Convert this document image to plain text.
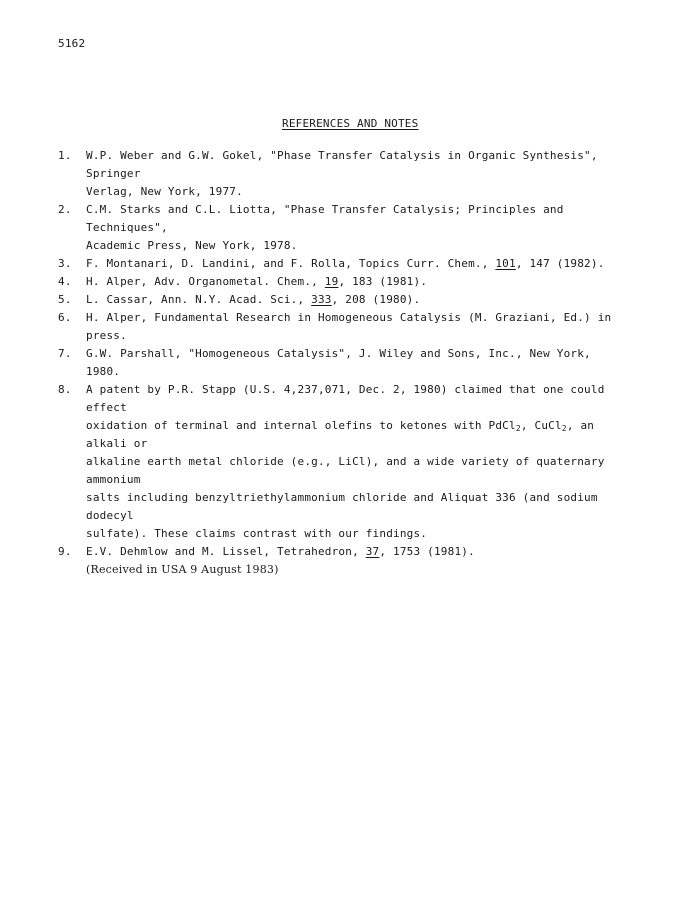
5162
REFERENCES AND NOTES
1.	W.P. Weber and G.W. Gokel, "Phase Transfer Catalysis in Organic Synthesis", Springer
Verlag, New York, 1977.
2.	C.M. Starks and C.L. Liotta, "Phase Transfer Catalysis; Principles and Techniques",
Academic Press, New York, 1978.
3.	F. Montanari, D. Landini, and F. Rolla, Topics Curr. Chem., 101, 147 (1982).
4.	H. Alper, Adv. Organometal. Chem., 19, 183 (1981).
5.	L. Cassar, Ann. N.Y. Acad. Sci., 333, 208 (1980).
6.	H. Alper, Fundamental Research in Homogeneous Catalysis (M. Graziani, Ed.) in press.
7.	G.W. Parshall, "Homogeneous Catalysis", J. Wiley and Sons, Inc., New York, 1980.
8.	A patent by P.R. Stapp (U.S. 4,237,071, Dec. 2, 1980) claimed that one could effect
oxidation of terminal and internal olefins to ketones with PdCl$_2$, CuCl$_2$, an alkali or
alkaline earth metal chloride (e.g., LiCl), and a wide variety of quaternary ammonium
salts including benzyltriethylammonium chloride and Aliquat 336 (and sodium dodecyl
sulfate). These claims contrast with our findings.
9.	E.V. Dehmlow and M. Lissel, Tetrahedron, 37, 1753 (1981).
(Received in USA 9 August 1983)
